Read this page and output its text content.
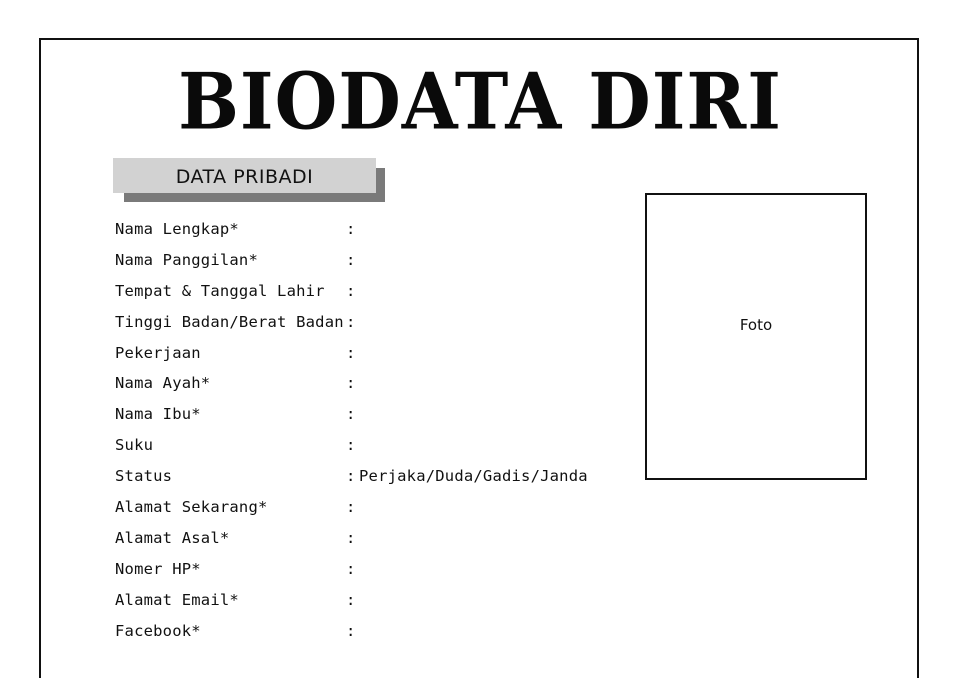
BIODATA DIRI
DATA PRIBADI
Nama Lengkap*	:
Nama Panggilan*	:
Tempat & Tanggal Lahir :
Tinggi Badan/Berat Badan :
Pekerjaan	:
Nama Ayah*	:
Nama Ibu*	:
Suku	:
Status	: Perjaka/Duda/Gadis/Janda
Alamat Sekarang*	:
Alamat Asal*	:
Nomer HP*	:
Alamat Email*	:
Facebook*	:
Foto
